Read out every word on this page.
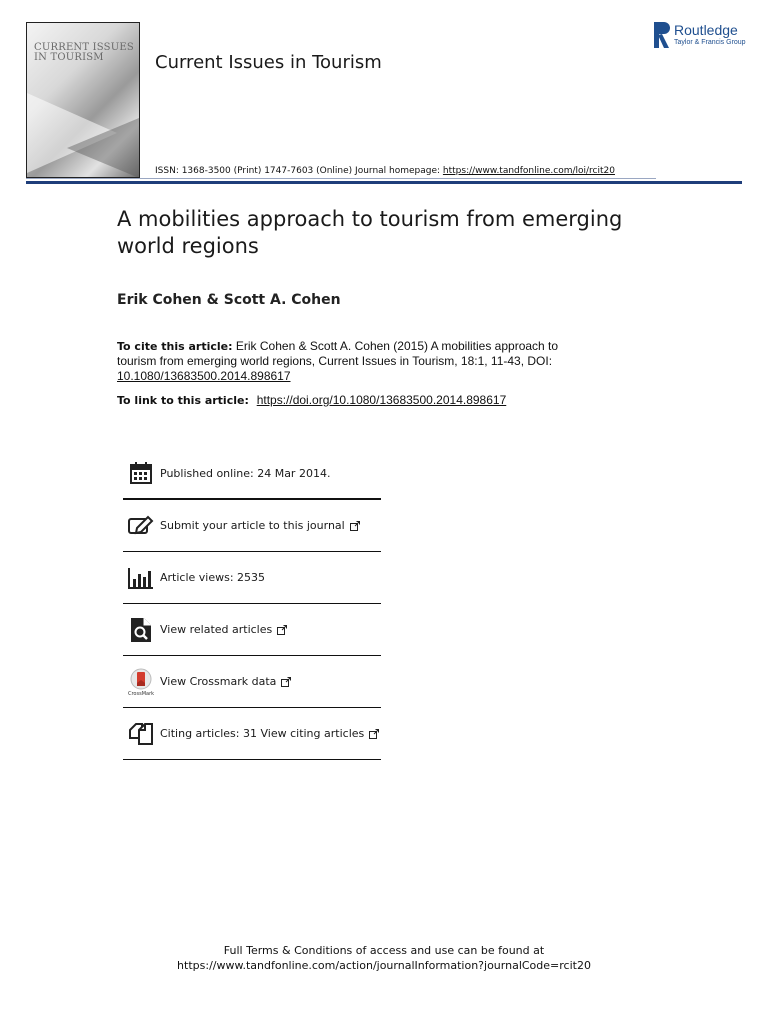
CURRENT ISSUES IN TOURISM	Current Issues in Tourism
ISSN: 1368-3500 (Print) 1747-7603 (Online) Journal homepage: https://www.tandfonline.com/loi/rcit20
Routledge
Taylor & Francis Group
A mobilities approach to tourism from emerging world regions
Erik Cohen & Scott A. Cohen
To cite this article: Erik Cohen & Scott A. Cohen (2015) A mobilities approach to tourism from emerging world regions, Current Issues in Tourism, 18:1, 11-43, DOI: 10.1080/13683500.2014.898617
To link to this article: https://doi.org/10.1080/13683500.2014.898617
Published online: 24 Mar 2014.
Submit your article to this journal
Article views: 2535
View related articles
CrossMark
View Crossmark data
Citing articles: 31 View citing articles
Full Terms & Conditions of access and use can be found at
https://www.tandfonline.com/action/journalInformation?journalCode=rcit20
